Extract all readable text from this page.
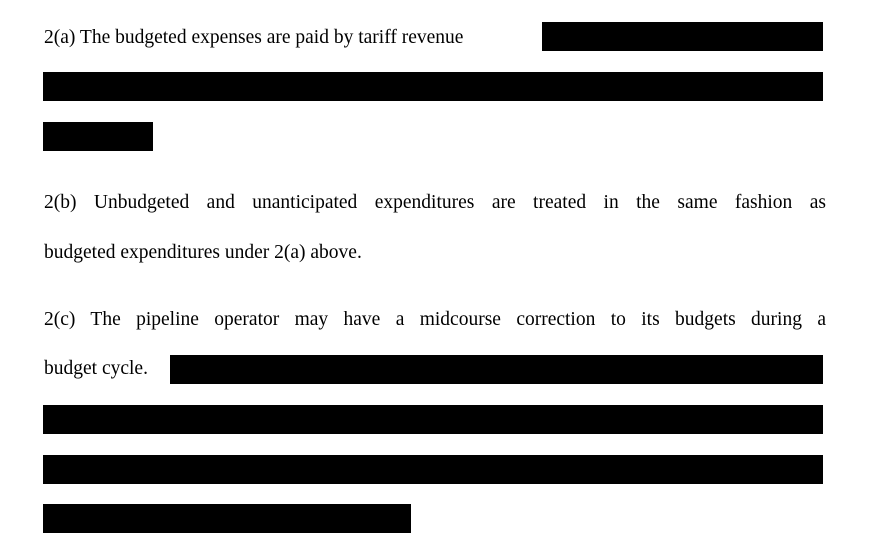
2(a) The budgeted expenses are paid by tariff revenue
2(b) Unbudgeted and unanticipated expenditures are treated in the same fashion as
budgeted expenditures under 2(a) above.
2(c) The pipeline operator may have a midcourse correction to its budgets during a
budget cycle.
